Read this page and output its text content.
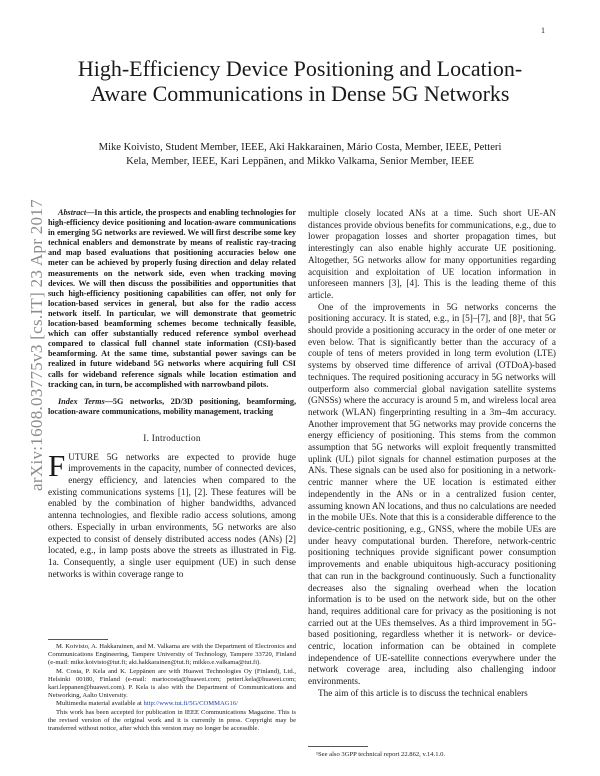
1
arXiv:1608.03775v3 [cs.IT] 23 Apr 2017
High-Efficiency Device Positioning and Location-Aware Communications in Dense 5G Networks
Mike Koivisto, Student Member, IEEE, Aki Hakkarainen, Mário Costa, Member, IEEE, Petteri Kela, Member, IEEE, Kari Leppänen, and Mikko Valkama, Senior Member, IEEE

Abstract—In this article, the prospects and enabling technologies for high-efficiency device positioning and location-aware communications in emerging 5G networks are reviewed. We will first describe some key technical enablers and demonstrate by means of realistic ray-tracing and map based evaluations that positioning accuracies below one meter can be achieved by properly fusing direction and delay related measurements on the network side, even when tracking moving devices. We will then discuss the possibilities and opportunities that such high-efficiency positioning capabilities can offer, not only for location-based services in general, but also for the radio access network itself. In particular, we will demonstrate that geometric location-based beamforming schemes become technically feasible, which can offer substantially reduced reference symbol overhead compared to classical full channel state information (CSI)-based beamforming. At the same time, substantial power savings can be realized in future wideband 5G networks where acquiring full CSI calls for wideband reference signals while location estimation and tracking can, in turn, be accomplished with narrowband pilots.

Index Terms—5G networks, 2D/3D positioning, beamforming, location-aware communications, mobility management, tracking

I. Introduction

FUTURE 5G networks are expected to provide huge improvements in the capacity, number of connected devices, energy efficiency, and latencies when compared to the existing communications systems [1], [2]. These features will be enabled by the combination of higher bandwidths, advanced antenna technologies, and flexible radio access solutions, among others. Especially in urban environments, 5G networks are also expected to consist of densely distributed access nodes (ANs) [2] located, e.g., in lamp posts above the streets as illustrated in Fig. 1a. Consequently, a single user equipment (UE) in such dense networks is within coverage range to

M. Koivisto, A. Hakkarainen, and M. Valkama are with the Department of Electronics and Communications Engineering, Tampere University of Technology, Tampere 33720, Finland (e-mail: mike.koivisto@tut.fi; aki.hakkarainen@tut.fi; mikko.e.valkama@tut.fi).

M. Costa, P. Kela and K. Leppänen are with Huawei Technologies Oy (Finland), Ltd., Helsinki 00180, Finland (e-mail: mariocosta@huawei.com; petteri.kela@huawei.com; kari.leppanen@huawei.com). P. Kela is also with the Department of Communications and Networking, Aalto University.

Multimedia material available at http://www.tut.fi/5G/COMMAG16/

This work has been accepted for publication in IEEE Communications Magazine. This is the revised version of the original work and it is currently in press. Copyright may be transferred without notice, after which this version may no longer be accessible.

multiple closely located ANs at a time. Such short UE-AN distances provide obvious benefits for communications, e.g., due to lower propagation losses and shorter propagation times, but interestingly can also enable highly accurate UE positioning. Altogether, 5G networks allow for many opportunities regarding acquisition and exploitation of UE location information in unforeseen manners [3], [4]. This is the leading theme of this article.

One of the improvements in 5G networks concerns the positioning accuracy. It is stated, e.g., in [5]–[7], and [8]¹, that 5G should provide a positioning accuracy in the order of one meter or even below. That is significantly better than the accuracy of a couple of tens of meters provided in long term evolution (LTE) systems by observed time difference of arrival (OTDoA)-based techniques. The required positioning accuracy in 5G networks will outperform also commercial global navigation satellite systems (GNSSs) where the accuracy is around 5 m, and wireless local area network (WLAN) fingerprinting resulting in a 3m–4m accuracy. Another improvement that 5G networks may provide concerns the energy efficiency of positioning. This stems from the common assumption that 5G networks will exploit frequently transmitted uplink (UL) pilot signals for channel estimation purposes at the ANs. These signals can be used also for positioning in a network-centric manner where the UE location is estimated either independently in the ANs or in a centralized fusion center, assuming known AN locations, and thus no calculations are needed in the mobile UEs. Note that this is a considerable difference to the device-centric positioning, e.g., GNSS, where the mobile UEs are under heavy computational burden. Therefore, network-centric positioning techniques provide significant power consumption improvements and enable ubiquitous high-accuracy positioning that can run in the background continuously. Such a functionality decreases also the signaling overhead when the location information is to be used on the network side, but on the other hand, requires additional care for privacy as the positioning is not carried out at the UEs themselves. As a third improvement in 5G-based positioning, regardless whether it is network- or device-centric, location information can be obtained in complete independence of UE-satellite connections everywhere under the network coverage area, including also challenging indoor environments.

The aim of this article is to discuss the technical enablers

¹See also 3GPP technical report 22.862, v.14.1.0.
